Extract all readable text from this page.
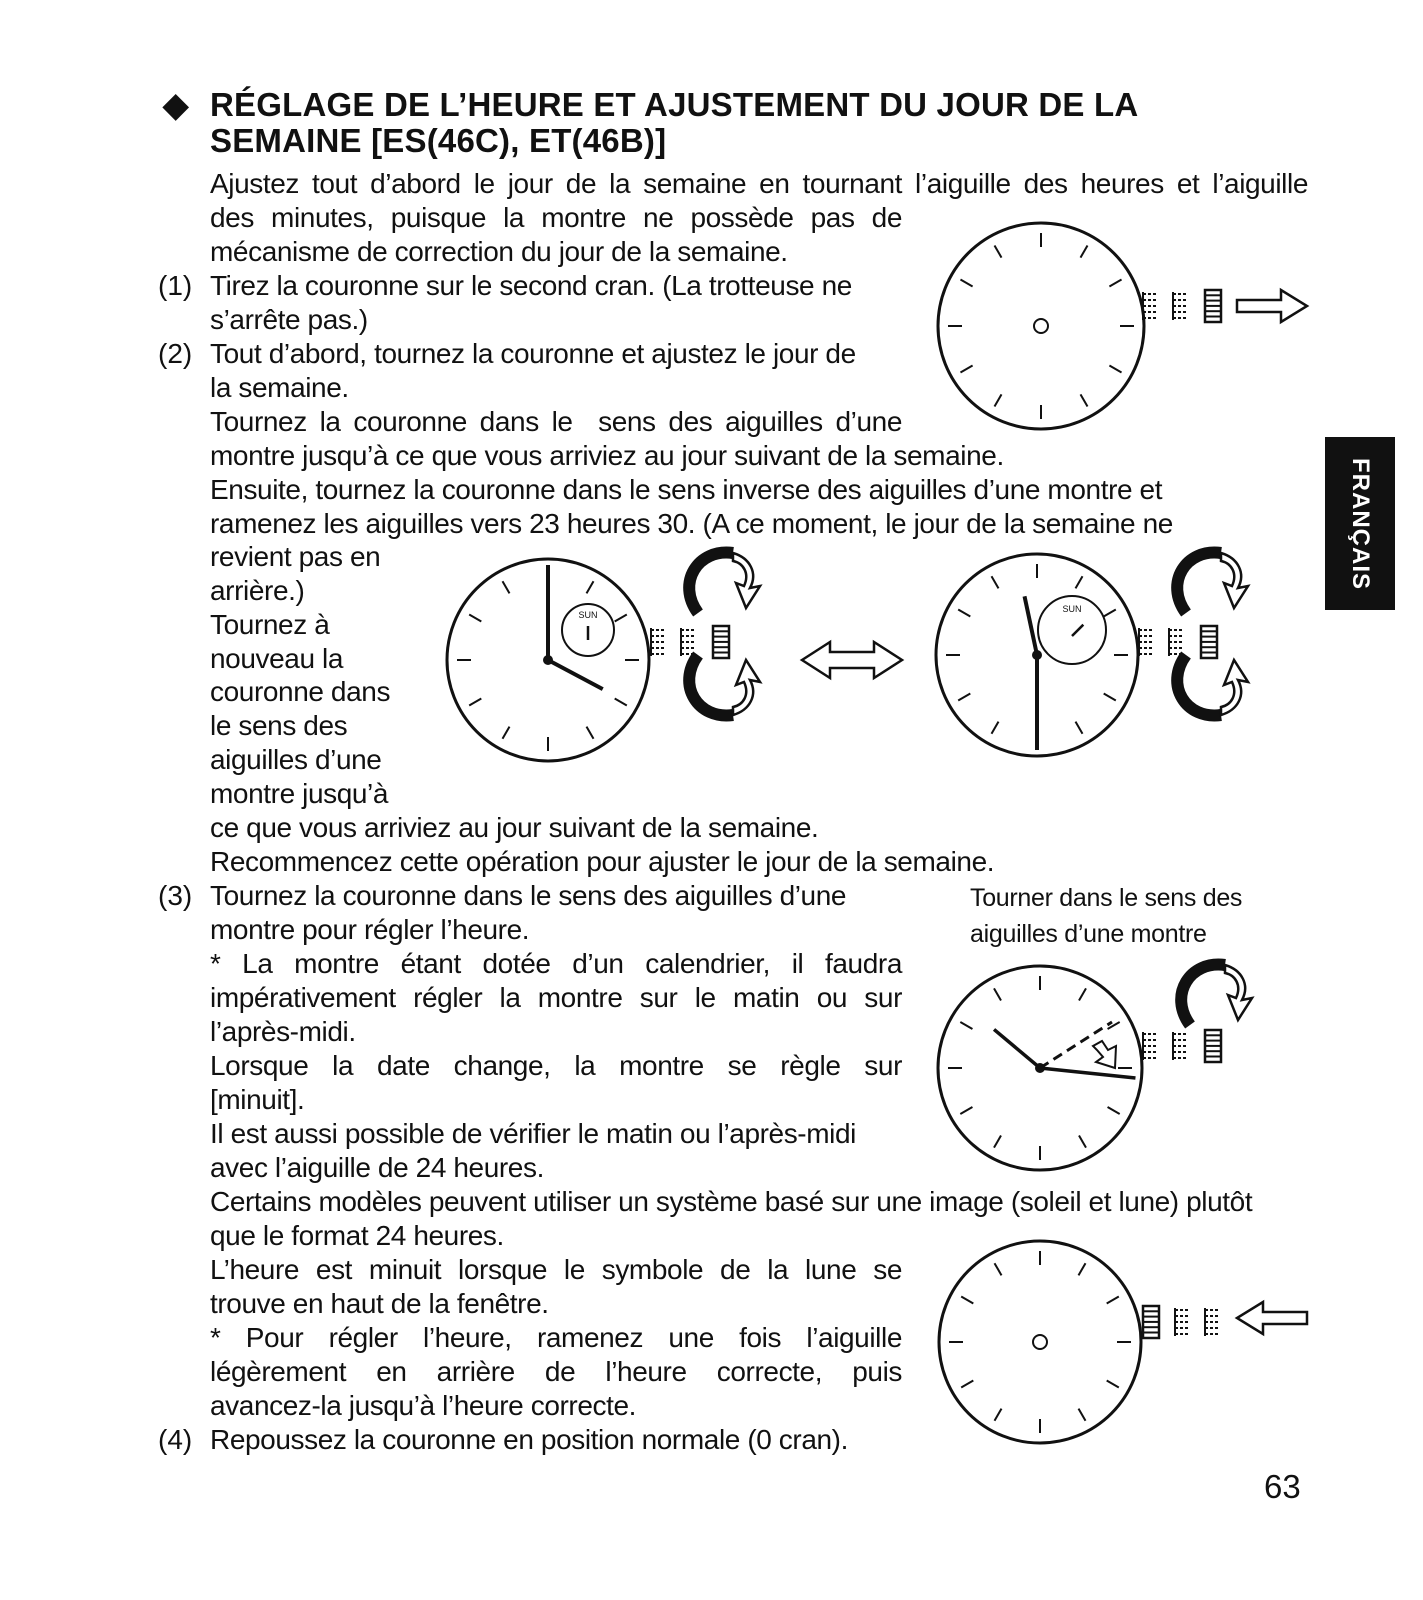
◆ RÉGLAGE DE L’HEURE ET AJUSTEMENT DU JOUR DE LA
SEMAINE [ES(46C), ET(46B)]
Ajustez tout d’abord le jour de la semaine en tournant l’aiguille des heures et l’aiguille
des minutes, puisque la montre ne possède pas de
mécanisme de correction du jour de la semaine.
(1) Tirez la couronne sur le second cran. (La trotteuse ne
s’arrête pas.)
(2) Tout d’abord, tournez la couronne et ajustez le jour de
la semaine.
Tournez la couronne dans le  sens des aiguilles d’une
montre jusqu’à ce que vous arriviez au jour suivant de la semaine.
Ensuite, tournez la couronne dans le sens inverse des aiguilles d’une montre et
ramenez les aiguilles vers 23 heures 30. (A ce moment, le jour de la semaine ne
revient pas en
arrière.)
Tournez à
nouveau la
couronne dans
le sens des
aiguilles d’une
montre jusqu’à
ce que vous arriviez au jour suivant de la semaine.
Recommencez cette opération pour ajuster le jour de la semaine.
(3) Tournez la couronne dans le sens des aiguilles d’une
montre pour régler l’heure.
* La montre étant dotée d’un calendrier, il faudra
impérativement régler la montre sur le matin ou sur
l’après-midi.
Lorsque la date change, la montre se règle sur
[minuit].
Il est aussi possible de vérifier le matin ou l’après-midi
avec l’aiguille de 24 heures.
Certains modèles peuvent utiliser un système basé sur une image (soleil et lune) plutôt
que le format 24 heures.
L’heure est minuit lorsque le symbole de la lune se
trouve en haut de la fenêtre.
* Pour régler l’heure, ramenez une fois l’aiguille
légèrement en arrière de l’heure correcte, puis
avancez-la jusqu’à l’heure correcte.
(4) Repoussez la couronne en position normale (0 cran).
Tourner dans le sens des
aiguilles d’une montre
FRANÇAIS
63
SUN
SUN
